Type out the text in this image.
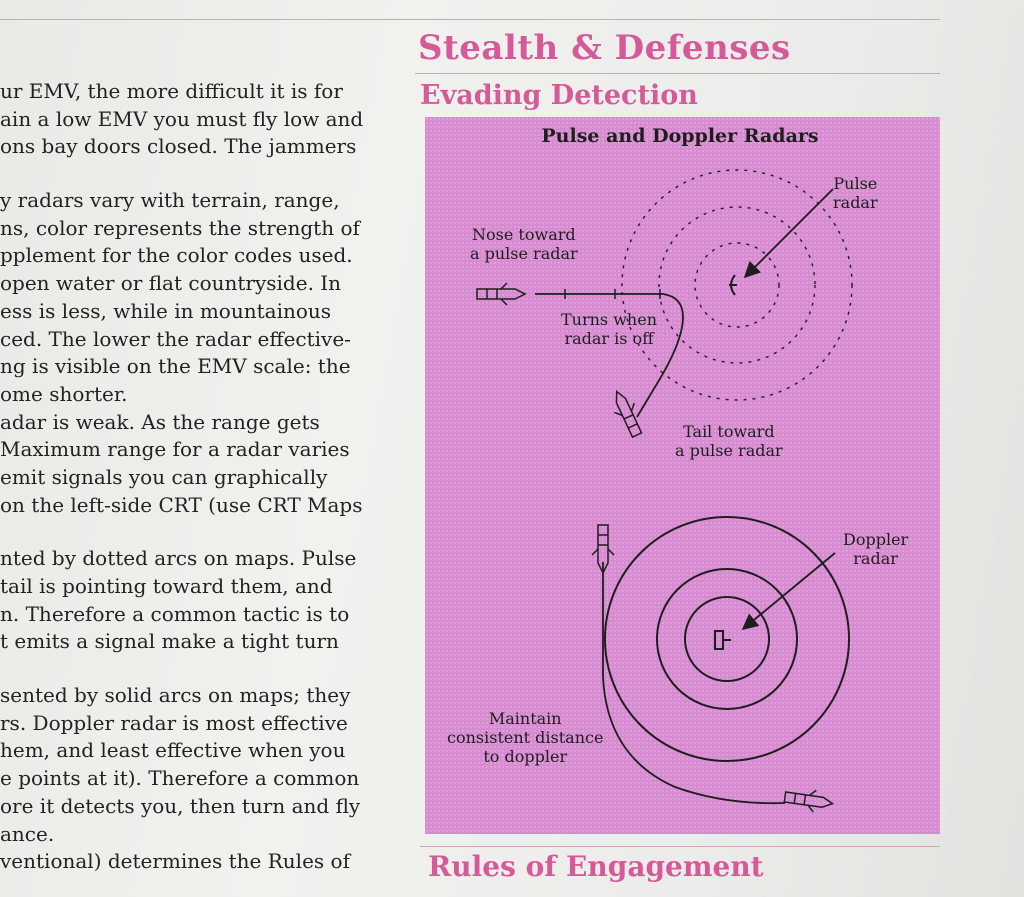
Stealth & Defenses
Evading Detection
ur EMV, the more difficult it is for
ain a low EMV you must fly low and
ons bay doors closed. The jammers
y radars vary with terrain, range,
ns, color represents the strength of
pplement for the color codes used.
open water or flat countryside. In
ess is less, while in mountainous
ced. The lower the radar effective-
ng is visible on the EMV scale: the
ome shorter.
adar is weak. As the range gets
Maximum range for a radar varies
emit signals you can graphically
on the left-side CRT (use CRT Maps
nted by dotted arcs on maps. Pulse
tail is pointing toward them, and
n. Therefore a common tactic is to
t emits a signal make a tight turn
sented by solid arcs on maps; they
rs. Doppler radar is most effective
hem, and least effective when you
e points at it). Therefore a common
ore it detects you, then turn and fly
ance.
ventional) determines the Rules of
Pulse and Doppler Radars
Pulse
radar
Nose toward
a pulse radar
Turns when
radar is off
Tail toward
a pulse radar
Doppler
radar
Maintain
consistent distance
to doppler
Rules of Engagement
